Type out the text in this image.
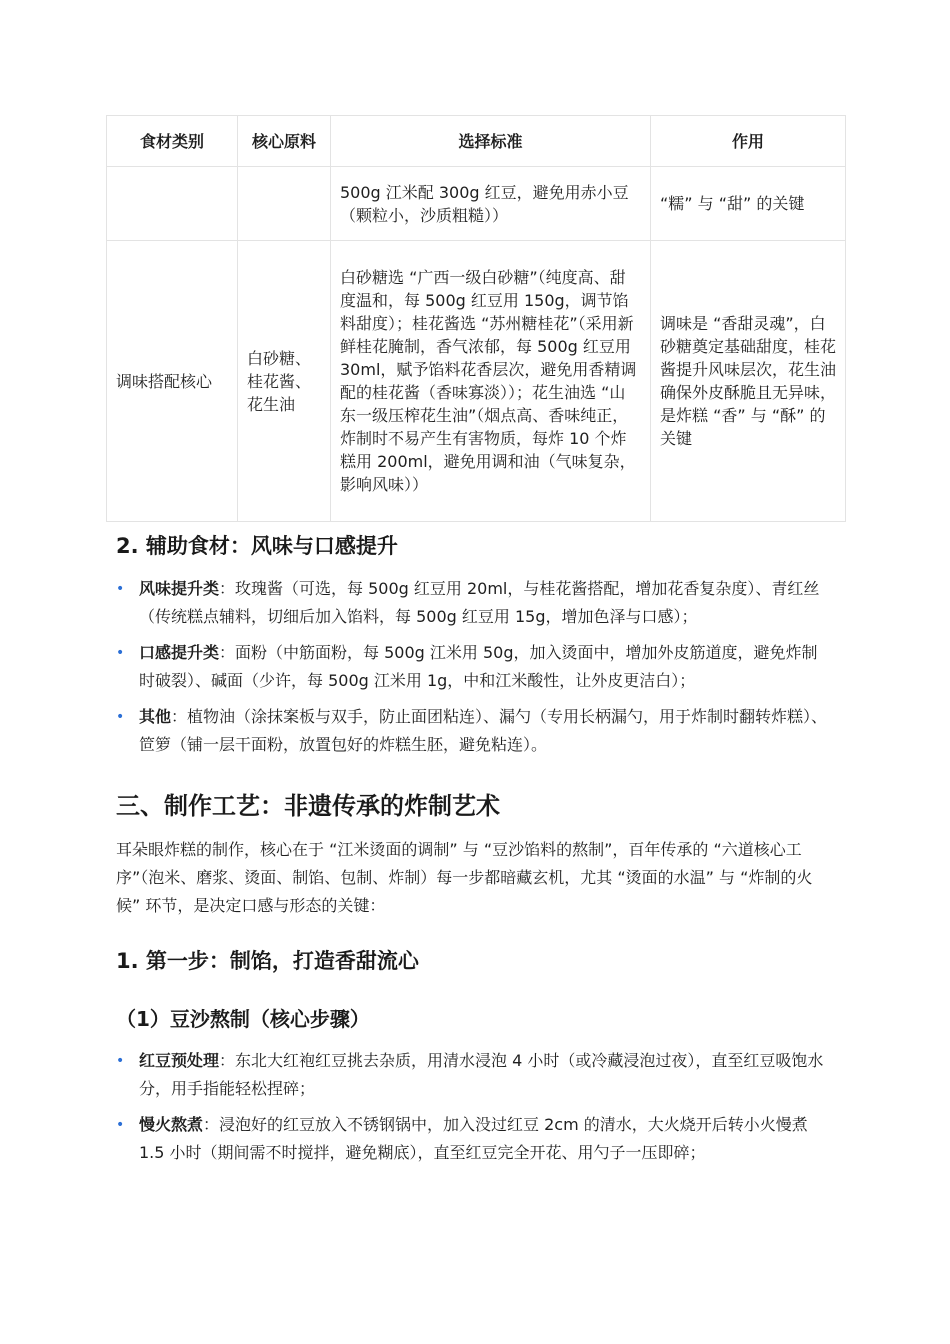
食材类别	核心原料	选择标准	作用
		500g 江米配 300g 红豆，避免用赤小豆（颗粒小，沙质粗糙））	“糯” 与 “甜” 的关键
调味搭配核心	白砂糖、桂花酱、花生油	白砂糖选 “广西一级白砂糖”（纯度高、甜度温和，每 500g 红豆用 150g，调节馅料甜度）；桂花酱选 “苏州糖桂花”（采用新鲜桂花腌制，香气浓郁，每 500g 红豆用 30ml，赋予馅料花香层次，避免用香精调配的桂花酱（香味寡淡））；花生油选 “山东一级压榨花生油”（烟点高、香味纯正，炸制时不易产生有害物质，每炸 10 个炸糕用 200ml，避免用调和油（气味复杂，影响风味））	调味是 “香甜灵魂”，白砂糖奠定基础甜度，桂花酱提升风味层次，花生油确保外皮酥脆且无异味，是炸糕 “香” 与 “酥” 的关键
2. 辅助食材：风味与口感提升
• 风味提升类：玫瑰酱（可选，每 500g 红豆用 20ml，与桂花酱搭配，增加花香复杂度）、青红丝（传统糕点辅料，切细后加入馅料，每 500g 红豆用 15g，增加色泽与口感）；
• 口感提升类：面粉（中筋面粉，每 500g 江米用 50g，加入烫面中，增加外皮筋道度，避免炸制时破裂）、碱面（少许，每 500g 江米用 1g，中和江米酸性，让外皮更洁白）；
• 其他：植物油（涂抹案板与双手，防止面团粘连）、漏勺（专用长柄漏勺，用于炸制时翻转炸糕）、笸箩（铺一层干面粉，放置包好的炸糕生胚，避免粘连）。
三、制作工艺：非遗传承的炸制艺术

耳朵眼炸糕的制作，核心在于 “江米烫面的调制” 与 “豆沙馅料的熬制”，百年传承的 “六道核心工序”（泡米、磨浆、烫面、制馅、包制、炸制）每一步都暗藏玄机，尤其 “烫面的水温” 与 “炸制的火候” 环节，是决定口感与形态的关键：

1. 第一步：制馅，打造香甜流心
（1）豆沙熬制（核心步骤）
• 红豆预处理：东北大红袍红豆挑去杂质，用清水浸泡 4 小时（或冷藏浸泡过夜），直至红豆吸饱水分，用手指能轻松捏碎；
• 慢火熬煮：浸泡好的红豆放入不锈钢锅中，加入没过红豆 2cm 的清水，大火烧开后转小火慢煮 1.5 小时（期间需不时搅拌，避免糊底），直至红豆完全开花、用勺子一压即碎；
